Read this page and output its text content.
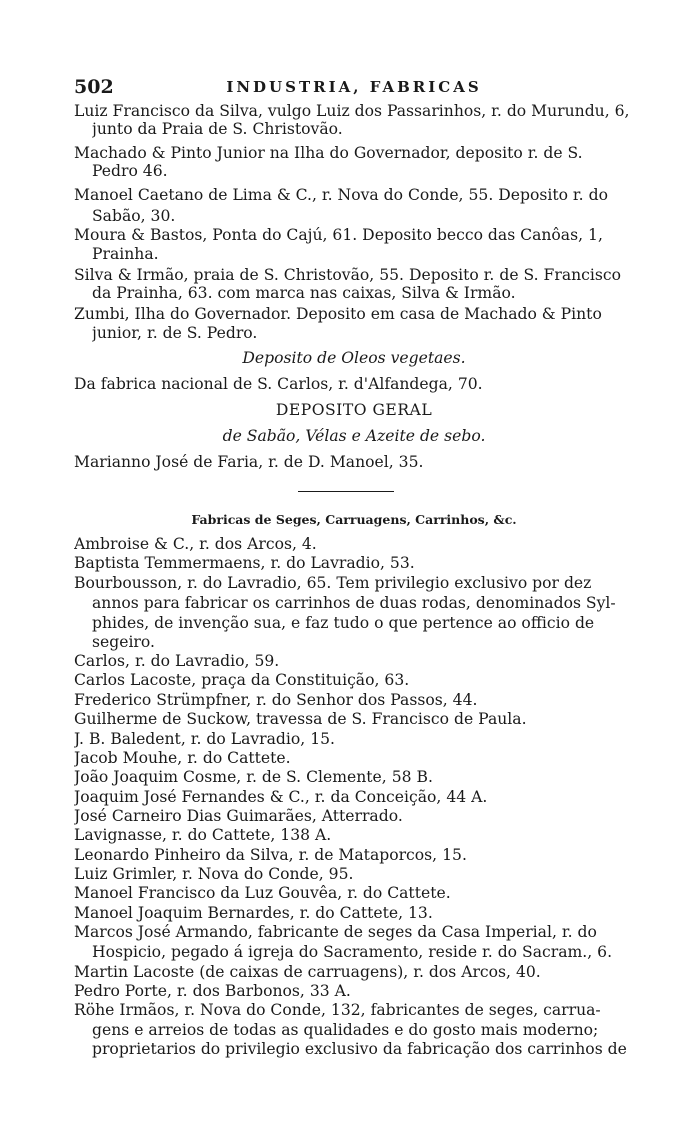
502	INDUSTRIA, FABRICAS
Luiz Francisco da Silva, vulgo Luiz dos Passarinhos, r. do Murundu, 6,
junto da Praia de S. Christovão.
Machado & Pinto Junior na Ilha do Governador, deposito r. de S.
Pedro 46.
Manoel Caetano de Lima & C., r. Nova do Conde, 55. Deposito r. do
Sabão, 30.
Moura & Bastos, Ponta do Cajú, 61. Deposito becco das Canôas, 1,
Prainha.
Silva & Irmão, praia de S. Christovão, 55. Deposito r. de S. Francisco
da Prainha, 63. com marca nas caixas, Silva & Irmão.
Zumbi, Ilha do Governador. Deposito em casa de Machado & Pinto
junior, r. de S. Pedro.
Deposito de Oleos vegetaes.
Da fabrica nacional de S. Carlos, r. d'Alfandega, 70.
DEPOSITO GERAL
de Sabão, Vélas e Azeite de sebo.
Marianno José de Faria, r. de D. Manoel, 35.
Fabricas de Seges, Carruagens, Carrinhos, &c.
Ambroise & C., r. dos Arcos, 4.
Baptista Temmermaens, r. do Lavradio, 53.
Bourbousson, r. do Lavradio, 65. Tem privilegio exclusivo por dez
annos para fabricar os carrinhos de duas rodas, denominados Syl-
phides, de invenção sua, e faz tudo o que pertence ao officio de
segeiro.
Carlos, r. do Lavradio, 59.
Carlos Lacoste, praça da Constituição, 63.
Frederico Strümpfner, r. do Senhor dos Passos, 44.
Guilherme de Suckow, travessa de S. Francisco de Paula.
J. B. Baledent, r. do Lavradio, 15.
Jacob Mouhe, r. do Cattete.
João Joaquim Cosme, r. de S. Clemente, 58 B.
Joaquim José Fernandes & C., r. da Conceição, 44 A.
José Carneiro Dias Guimarães, Atterrado.
Lavignasse, r. do Cattete, 138 A.
Leonardo Pinheiro da Silva, r. de Mataporcos, 15.
Luiz Grimler, r. Nova do Conde, 95.
Manoel Francisco da Luz Gouvêa, r. do Cattete.
Manoel Joaquim Bernardes, r. do Cattete, 13.
Marcos José Armando, fabricante de seges da Casa Imperial, r. do
Hospicio, pegado á igreja do Sacramento, reside r. do Sacram., 6.
Martin Lacoste (de caixas de carruagens), r. dos Arcos, 40.
Pedro Porte, r. dos Barbonos, 33 A.
Röhe Irmãos, r. Nova do Conde, 132, fabricantes de seges, carrua-
gens e arreios de todas as qualidades e do gosto mais moderno;
proprietarios do privilegio exclusivo da fabricação dos carrinhos de
